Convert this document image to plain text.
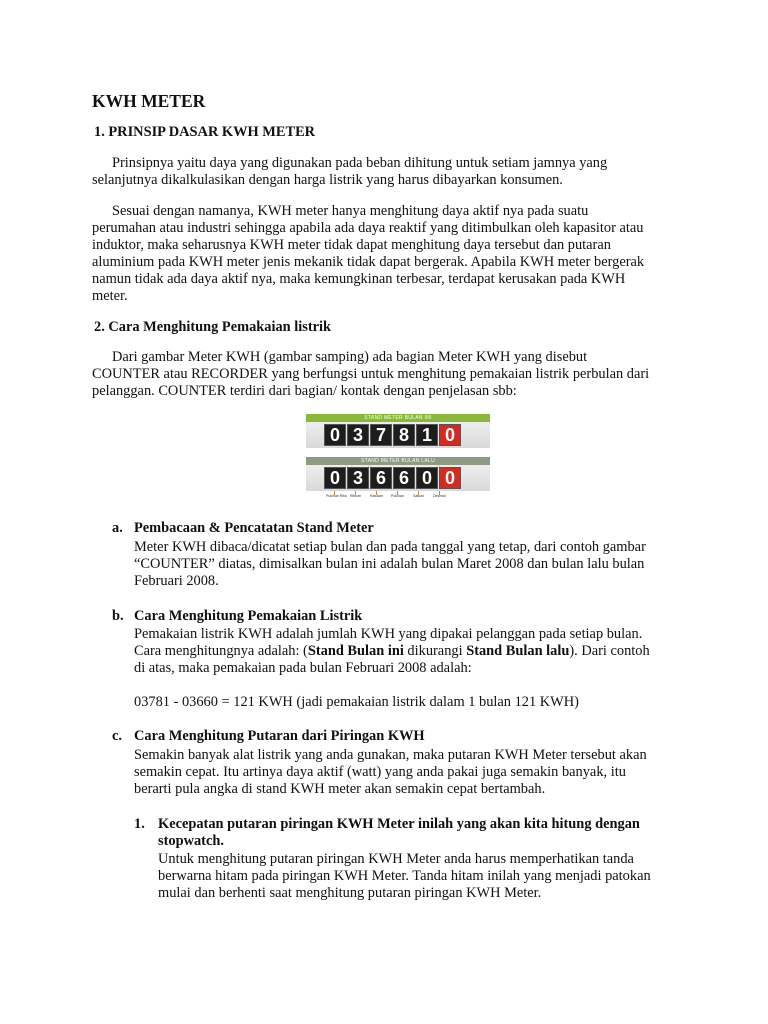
KWH METER
1. PRINSIP DASAR KWH METER
Prinsipnya yaitu daya yang digunakan pada beban dihitung untuk setiam jamnya yang
selanjutnya dikalkulasikan dengan harga listrik yang harus dibayarkan konsumen.
Sesuai dengan namanya, KWH meter hanya menghitung daya aktif nya pada suatu
perumahan atau industri sehingga apabila ada daya reaktif yang ditimbulkan oleh kapasitor atau
induktor, maka seharusnya KWH meter tidak dapat menghitung daya tersebut dan putaran
aluminium pada KWH meter jenis mekanik tidak dapat bergerak. Apabila KWH meter bergerak
namun tidak ada daya aktif nya, maka kemungkinan terbesar, terdapat kerusakan pada KWH
meter.
2. Cara Menghitung Pemakaian listrik
Dari gambar Meter KWH (gambar samping) ada bagian Meter KWH yang disebut
COUNTER atau RECORDER yang berfungsi untuk menghitung pemakaian listrik perbulan dari
pelanggan. COUNTER terdiri dari bagian/ kontak dengan penjelasan sbb:
STAND METER BULAN INI
0 3 7 8 1 0
STAND METER BULAN LALU
0 3 6 6 0 0
Puluhan Ribu Ribuan	Ratusan Puluhan	Satuan	Desimal
a. Pembacaan & Pencatatan Stand Meter
Meter KWH dibaca/dicatat setiap bulan dan pada tanggal yang tetap, dari contoh gambar
“COUNTER” diatas, dimisalkan bulan ini adalah bulan Maret 2008 dan bulan lalu bulan
Februari 2008.
b. Cara Menghitung Pemakaian Listrik
Pemakaian listrik KWH adalah jumlah KWH yang dipakai pelanggan pada setiap bulan.
Cara menghitungnya adalah: (Stand Bulan ini dikurangi Stand Bulan lalu). Dari contoh
di atas, maka pemakaian pada bulan Februari 2008 adalah:
03781 - 03660 = 121 KWH (jadi pemakaian listrik dalam 1 bulan 121 KWH)
c. Cara Menghitung Putaran dari Piringan KWH
Semakin banyak alat listrik yang anda gunakan, maka putaran KWH Meter tersebut akan
semakin cepat. Itu artinya daya aktif (watt) yang anda pakai juga semakin banyak, itu
berarti pula angka di stand KWH meter akan semakin cepat bertambah.
1. Kecepatan putaran piringan KWH Meter inilah yang akan kita hitung dengan
stopwatch.
Untuk menghitung putaran piringan KWH Meter anda harus memperhatikan tanda
berwarna hitam pada piringan KWH Meter. Tanda hitam inilah yang menjadi patokan
mulai dan berhenti saat menghitung putaran piringan KWH Meter.
